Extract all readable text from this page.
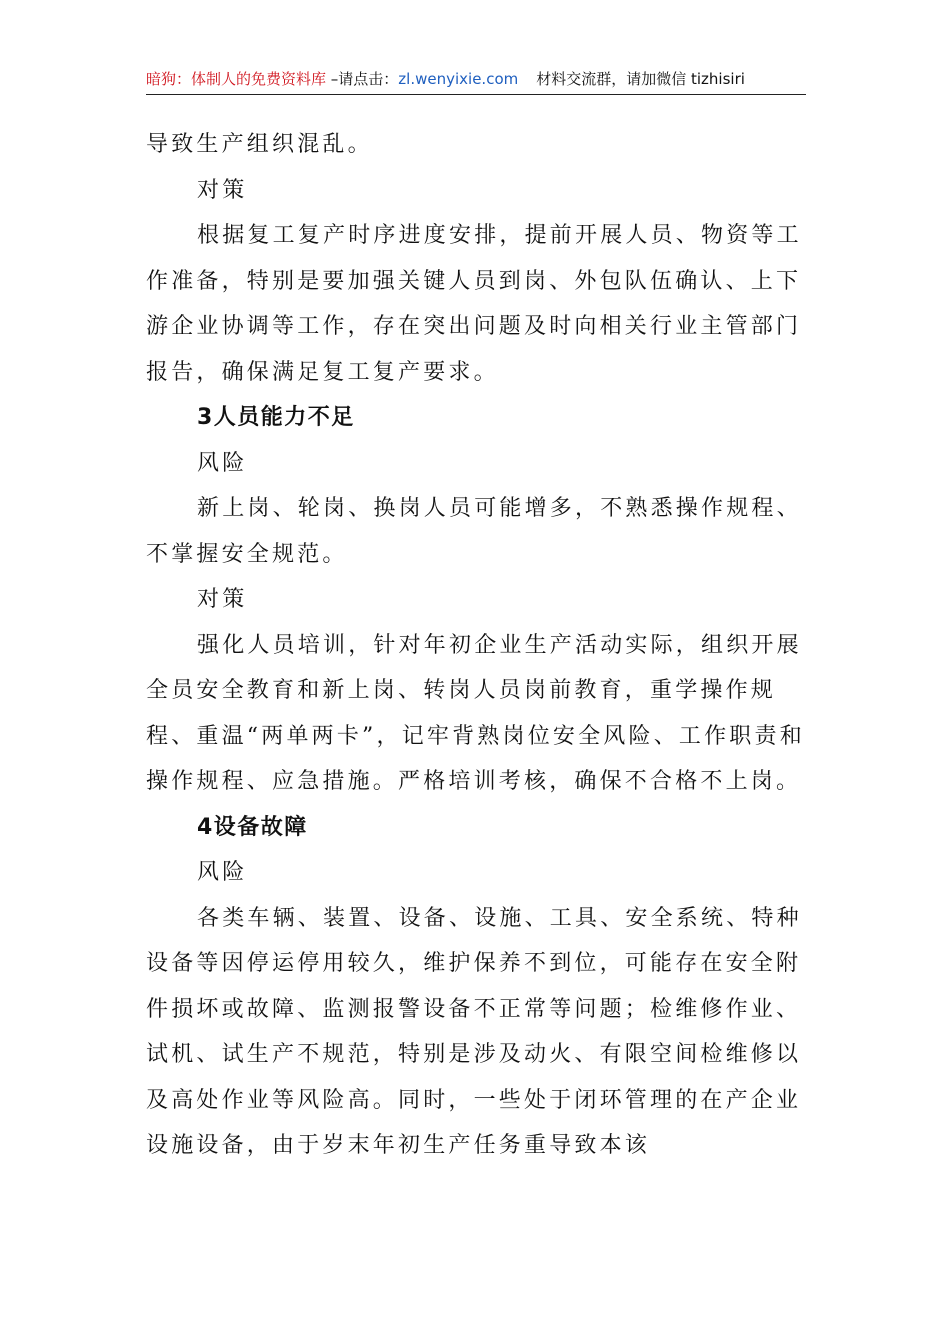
暗狗：体制人的免费资料库 –请点击：zl.wenyixie.com 材料交流群，请加微信 tizhisiri

导致生产组织混乱。

对策

根据复工复产时序进度安排，提前开展人员、物资等工作准备，特别是要加强关键人员到岗、外包队伍确认、上下游企业协调等工作，存在突出问题及时向相关行业主管部门报告，确保满足复工复产要求。

3人员能力不足

风险

新上岗、轮岗、换岗人员可能增多，不熟悉操作规程、不掌握安全规范。

对策

强化人员培训，针对年初企业生产活动实际，组织开展全员安全教育和新上岗、转岗人员岗前教育，重学操作规程、重温“两单两卡”，记牢背熟岗位安全风险、工作职责和操作规程、应急措施。严格培训考核，确保不合格不上岗。

4设备故障

风险

各类车辆、装置、设备、设施、工具、安全系统、特种设备等因停运停用较久，维护保养不到位，可能存在安全附件损坏或故障、监测报警设备不正常等问题；检维修作业、试机、试生产不规范，特别是涉及动火、有限空间检维修以及高处作业等风险高。同时，一些处于闭环管理的在产企业设施设备，由于岁末年初生产任务重导致本该
